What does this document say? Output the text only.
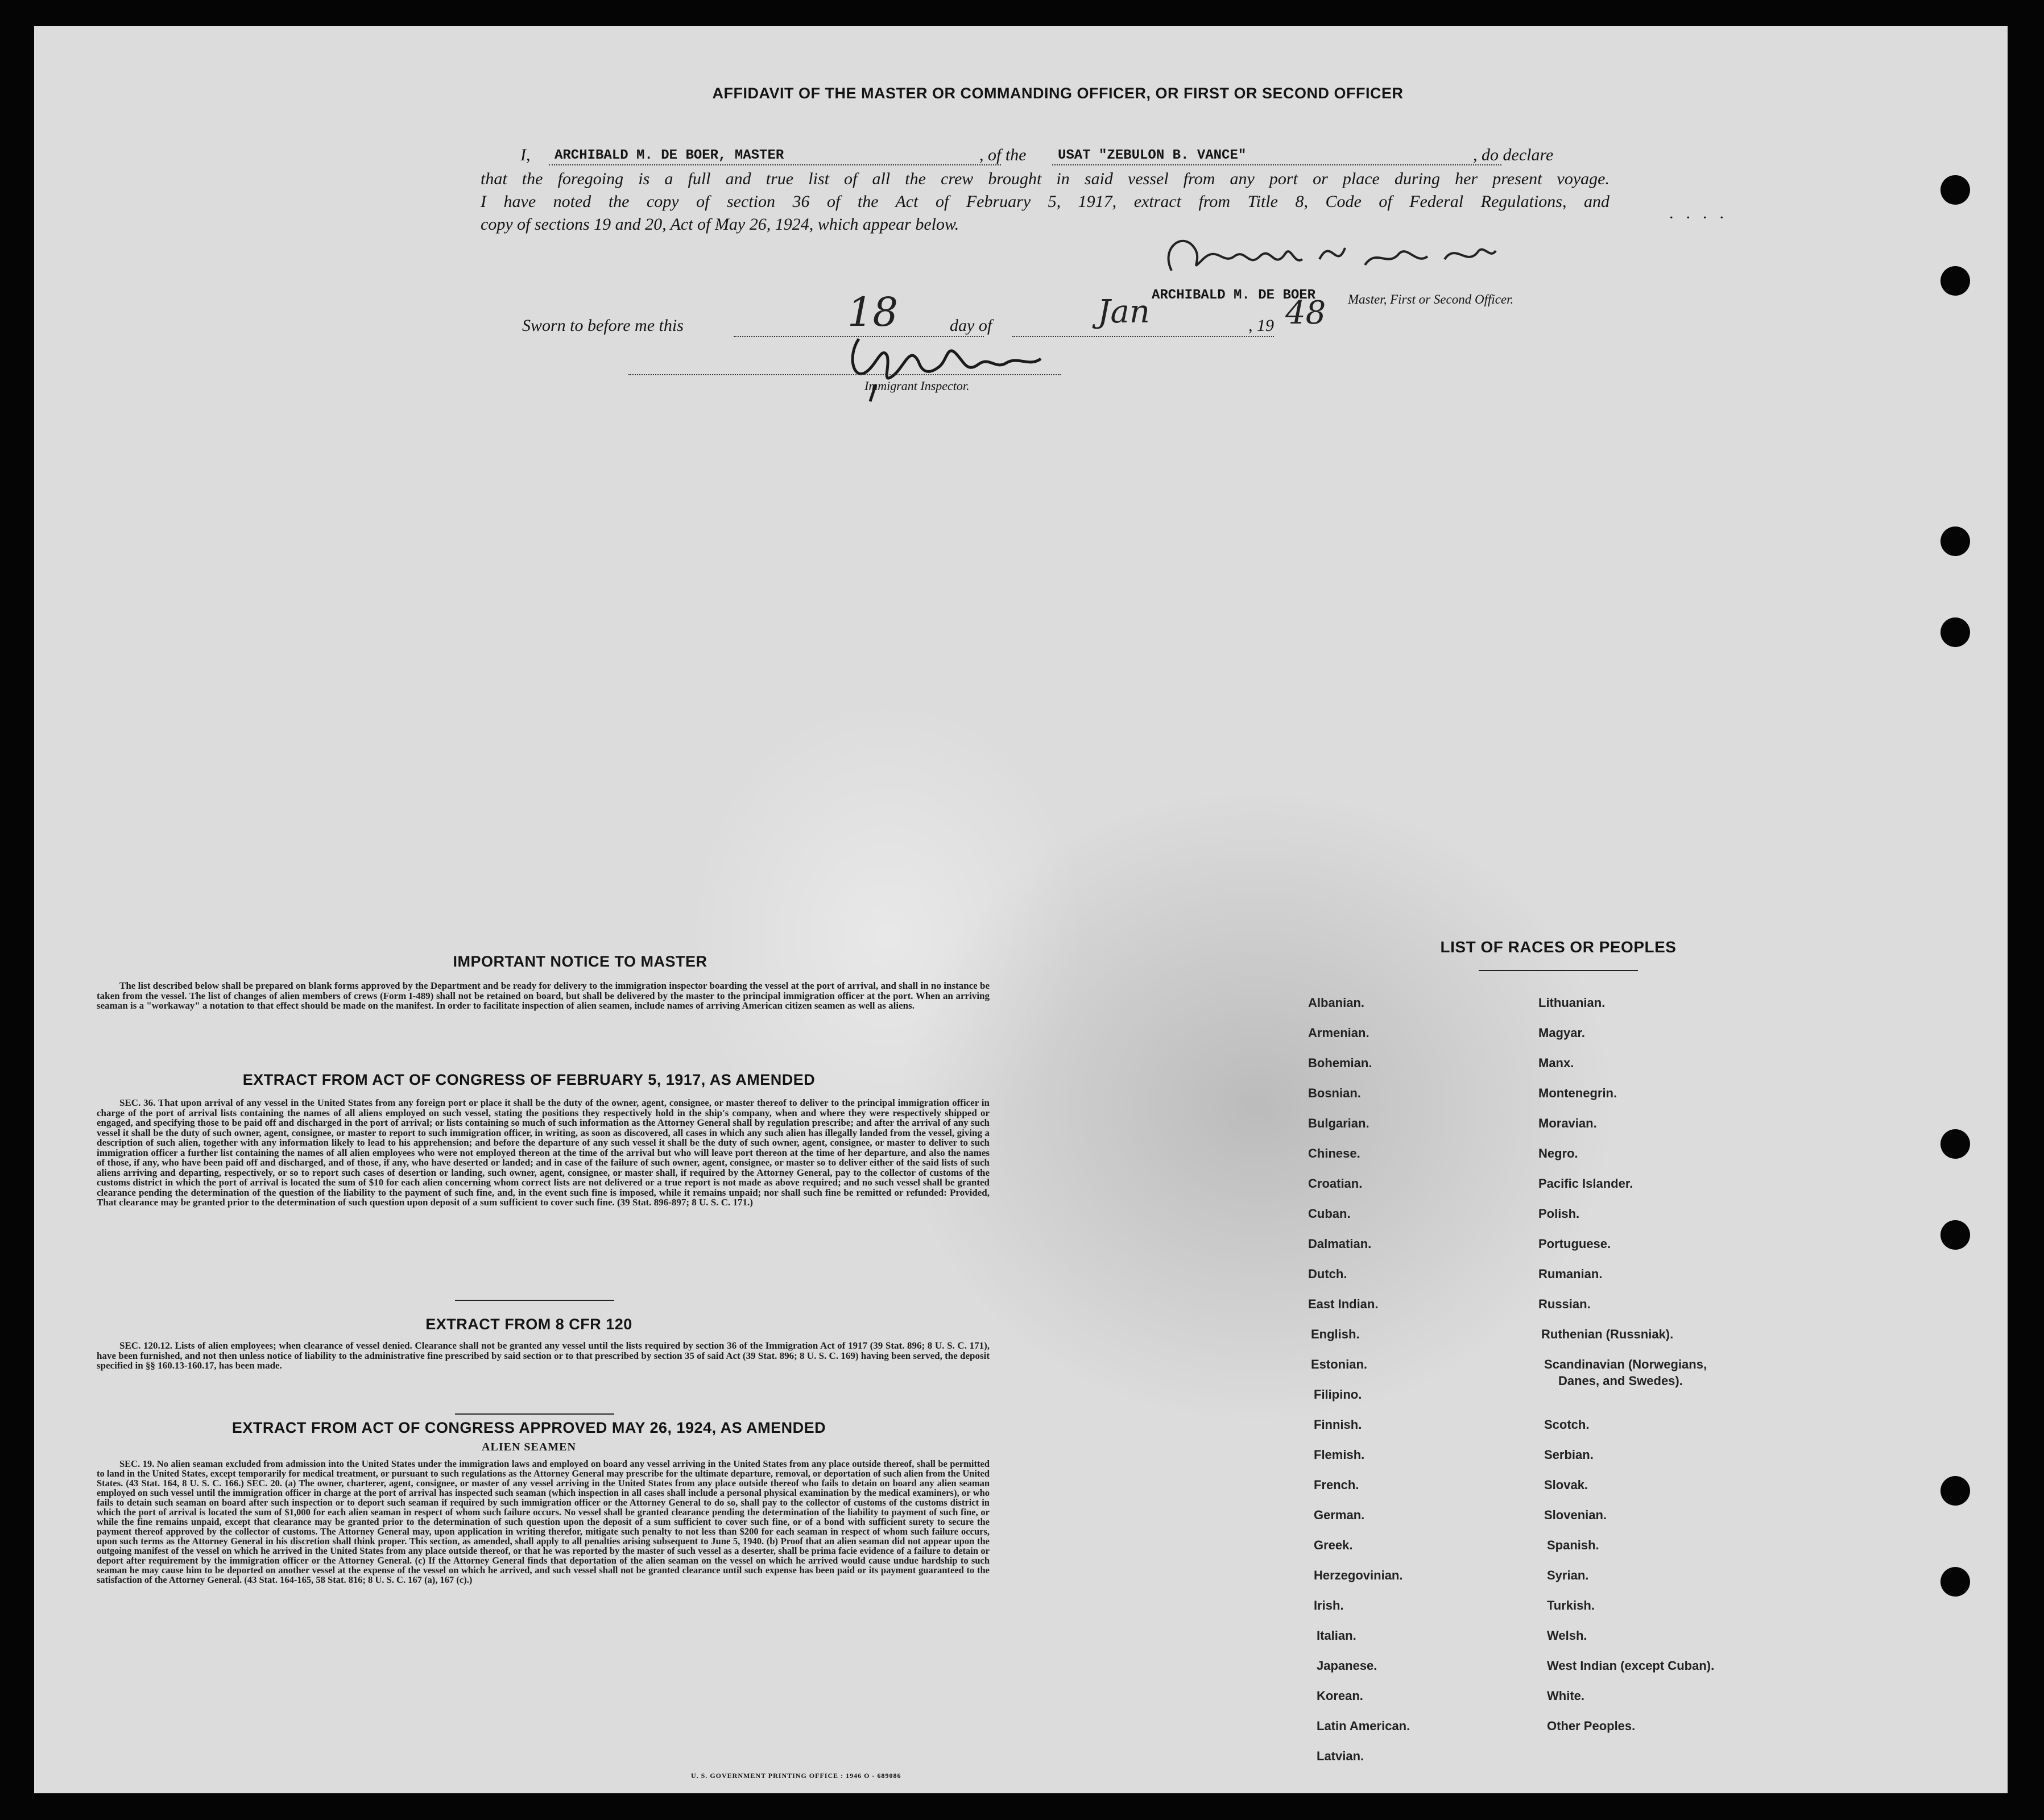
AFFIDAVIT OF THE MASTER OR COMMANDING OFFICER, OR FIRST OR SECOND OFFICER
I, ARCHIBALD M. DE BOER, MASTER	, of the USAT "ZEBULON B. VANCE"	, do declare
that the foregoing is a full and true list of all the crew brought in said vessel from any port or place during her present voyage.
I have noted the copy of section 36 of the Act of February 5, 1917, extract from Title 8, Code of Federal Regulations, and
copy of sections 19 and 20, Act of May 26, 1924, which appear below.
....
ARCHIBALD M. DE BOER Master, First or Second Officer.
Sworn to before me this	18	day of	Jan	, 19 48
Immigrant Inspector.
IMPORTANT NOTICE TO MASTER
The list described below shall be prepared on blank forms approved by the Department and be ready for delivery to the immigration inspector boarding the vessel at the port of arrival, and shall in no instance be taken from the vessel. The list of changes of alien members of crews (Form I-489) shall not be retained on board, but shall be delivered by the master to the principal immigration officer at the port. When an arriving seaman is a "workaway" a notation to that effect should be made on the manifest. In order to facilitate inspection of alien seamen, include names of arriving American citizen seamen as well as aliens.
EXTRACT FROM ACT OF CONGRESS OF FEBRUARY 5, 1917, AS AMENDED
SEC. 36. That upon arrival of any vessel in the United States from any foreign port or place it shall be the duty of the owner, agent, consignee, or master thereof to deliver to the principal immigration officer in charge of the port of arrival lists containing the names of all aliens employed on such vessel, stating the positions they respectively hold in the ship's company, when and where they were respectively shipped or engaged, and specifying those to be paid off and discharged in the port of arrival; or lists containing so much of such information as the Attorney General shall by regulation prescribe; and after the arrival of any such vessel it shall be the duty of such owner, agent, consignee, or master to report to such immigration officer, in writing, as soon as discovered, all cases in which any such alien has illegally landed from the vessel, giving a description of such alien, together with any information likely to lead to his apprehension; and before the departure of any such vessel it shall be the duty of such owner, agent, consignee, or master to deliver to such immigration officer a further list containing the names of all alien employees who were not employed thereon at the time of the arrival but who will leave port thereon at the time of her departure, and also the names of those, if any, who have been paid off and discharged, and of those, if any, who have deserted or landed; and in case of the failure of such owner, agent, consignee, or master so to deliver either of the said lists of such aliens arriving and departing, respectively, or so to report such cases of desertion or landing, such owner, agent, consignee, or master shall, if required by the Attorney General, pay to the collector of customs of the customs district in which the port of arrival is located the sum of $10 for each alien concerning whom correct lists are not delivered or a true report is not made as above required; and no such vessel shall be granted clearance pending the determination of the question of the liability to the payment of such fine, and, in the event such fine is imposed, while it remains unpaid; nor shall such fine be remitted or refunded: Provided, That clearance may be granted prior to the determination of such question upon deposit of a sum sufficient to cover such fine. (39 Stat. 896-897; 8 U. S. C. 171.)
EXTRACT FROM 8 CFR 120
SEC. 120.12. Lists of alien employees; when clearance of vessel denied. Clearance shall not be granted any vessel until the lists required by section 36 of the Immigration Act of 1917 (39 Stat. 896; 8 U. S. C. 171), have been furnished, and not then unless notice of liability to the administrative fine prescribed by said section or to that prescribed by section 35 of said Act (39 Stat. 896; 8 U. S. C. 169) having been served, the deposit specified in §§ 160.13-160.17, has been made.
EXTRACT FROM ACT OF CONGRESS APPROVED MAY 26, 1924, AS AMENDED
ALIEN SEAMEN
SEC. 19. No alien seaman excluded from admission into the United States under the immigration laws and employed on board any vessel arriving in the United States from any place outside thereof, shall be permitted to land in the United States, except temporarily for medical treatment, or pursuant to such regulations as the Attorney General may prescribe for the ultimate departure, removal, or deportation of such alien from the United States. (43 Stat. 164, 8 U. S. C. 166.) SEC. 20. (a) The owner, charterer, agent, consignee, or master of any vessel arriving in the United States from any place outside thereof who fails to detain on board any alien seaman employed on such vessel until the immigration officer in charge at the port of arrival has inspected such seaman (which inspection in all cases shall include a personal physical examination by the medical examiners), or who fails to detain such seaman on board after such inspection or to deport such seaman if required by such immigration officer or the Attorney General to do so, shall pay to the collector of customs of the customs district in which the port of arrival is located the sum of $1,000 for each alien seaman in respect of whom such failure occurs. No vessel shall be granted clearance pending the determination of the liability to payment of such fine, or while the fine remains unpaid, except that clearance may be granted prior to the determination of such question upon the deposit of a sum sufficient to cover such fine, or of a bond with sufficient surety to secure the payment thereof approved by the collector of customs. The Attorney General may, upon application in writing therefor, mitigate such penalty to not less than $200 for each seaman in respect of whom such failure occurs, upon such terms as the Attorney General in his discretion shall think proper. This section, as amended, shall apply to all penalties arising subsequent to June 5, 1940. (b) Proof that an alien seaman did not appear upon the outgoing manifest of the vessel on which he arrived in the United States from any place outside thereof, or that he was reported by the master of such vessel as a deserter, shall be prima facie evidence of a failure to detain or deport after requirement by the immigration officer or the Attorney General. (c) If the Attorney General finds that deportation of the alien seaman on the vessel on which he arrived would cause undue hardship to such seaman he may cause him to be deported on another vessel at the expense of the vessel on which he arrived, and such vessel shall not be granted clearance until such expense has been paid or its payment guaranteed to the satisfaction of the Attorney General. (43 Stat. 164-165, 58 Stat. 816; 8 U. S. C. 167 (a), 167 (c).)
U. S. GOVERNMENT PRINTING OFFICE : 1946 O - 689086
LIST OF RACES OR PEOPLES
Albanian.
Armenian.
Bohemian.
Bosnian.
Bulgarian.
Chinese.
Croatian.
Cuban.
Dalmatian.
Dutch.
East Indian.
English.
Estonian.
Filipino.
Finnish.
Flemish.
French.
German.
Greek.
Herzegovinian.
Irish.
Italian.
Japanese.
Korean.
Latin American.
Latvian.
Lithuanian.
Magyar.
Manx.
Montenegrin.
Moravian.
Negro.
Pacific Islander.
Polish.
Portuguese.
Rumanian.
Russian.
Ruthenian (Russniak).
Scandinavian (Norwegians,
Danes, and Swedes).
Scotch.
Serbian.
Slovak.
Slovenian.
Spanish.
Syrian.
Turkish.
Welsh.
West Indian (except Cuban).
White.
Other Peoples.
